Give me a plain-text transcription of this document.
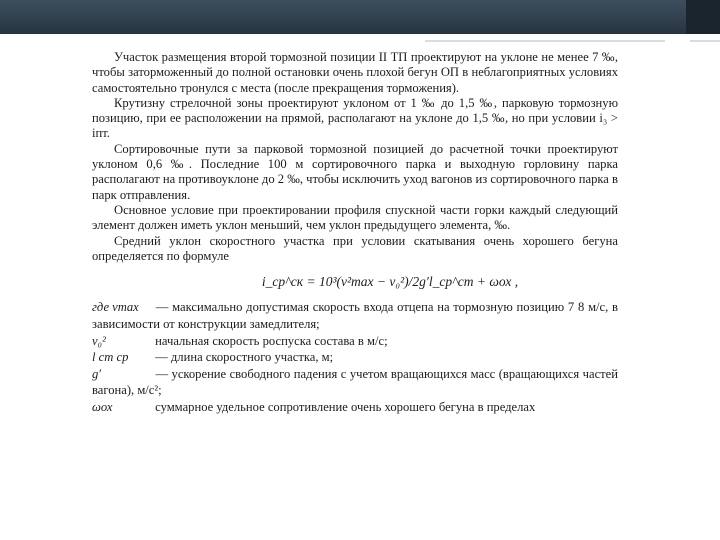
Участок размещения второй тормозной позиции II ТП проектируют на уклоне не менее 7 ‰, чтобы заторможенный до полной остановки очень плохой бегун ОП в неблагоприятных условиях самостоятельно тронулся с места (после прекращения торможения).

Крутизну стрелочной зоны проектируют уклоном от 1 ‰ до 1,5 ‰, парковую тормозную позицию, при ее расположении на прямой, располагают на уклоне до 1,5 ‰, но при условии i₃ > iпт.

Сортировочные пути за парковой тормозной позицией до расчетной точки проектируют уклоном 0,6 ‰. Последние 100 м сортировочного парка и выходную горловину парка располагают на противоуклоне до 2 ‰, чтобы исключить уход вагонов из сортировочного парка в парк отправления.

Основное условие при проектировании профиля спускной части горки каждый следующий элемент должен иметь уклон меньший, чем уклон предыдущего элемента, ‰.

Средний уклон скоростного участка при условии скатывания очень хорошего бегуна определяется по формуле

i_ср^ск = 10³(v²max − v₀²)/2g′l_ср^ст + ωох ,
где vmax — максимально допустимая скорость входа отцепа на тормозную позицию 7 8 м/с, в зависимости от конструкции замедлителя;
v₀²	начальная скорость роспуска состава в м/с;
l ст ср — длина скоростного участка, м;
g′	— ускорение свободного падения с учетом вращающихся масс (вращающихся частей вагона), м/с²;
ωох	суммарное удельное сопротивление очень хорошего бегуна в пределах
